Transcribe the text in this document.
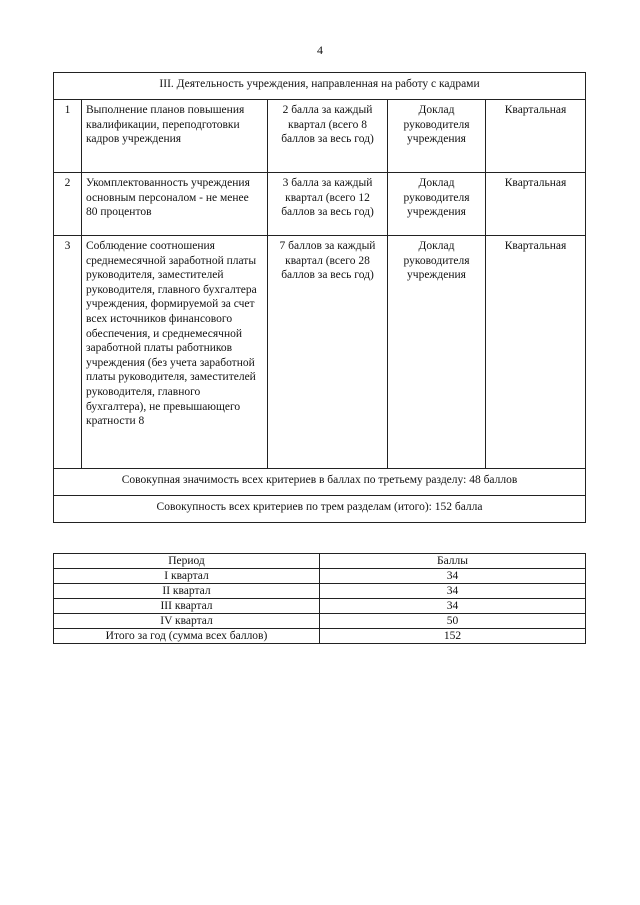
4
III. Деятельность учреждения, направленная на работу с кадрами				
1	Выполнение планов повышения квалификации, переподготовки кадров учреждения	2 балла за каждый квартал (всего 8 баллов за весь год)	Доклад руководителя учреждения	Квартальная
2	Укомплектованность учреждения основным персоналом - не менее 80 процентов	3 балла за каждый квартал (всего 12 баллов за весь год)	Доклад руководителя учреждения	Квартальная
3	Соблюдение соотношения среднемесячной заработной платы руководителя, заместителей руководителя, главного бухгалтера учреждения, формируемой за счет всех источников финансового обеспечения, и среднемесячной заработной платы работников учреждения (без учета заработной платы руководителя, заместителей руководителя, главного бухгалтера), не превышающего кратности 8	7 баллов за каждый квартал (всего 28 баллов за весь год)	Доклад руководителя учреждения	Квартальная
Совокупная значимость всех критериев в баллах по третьему разделу: 48 баллов				
Совокупность всех критериев по трем разделам (итого): 152 балла				
Период	Баллы
I квартал	34
II квартал	34
III квартал	34
IV квартал	50
Итого за год (сумма всех баллов)	152
